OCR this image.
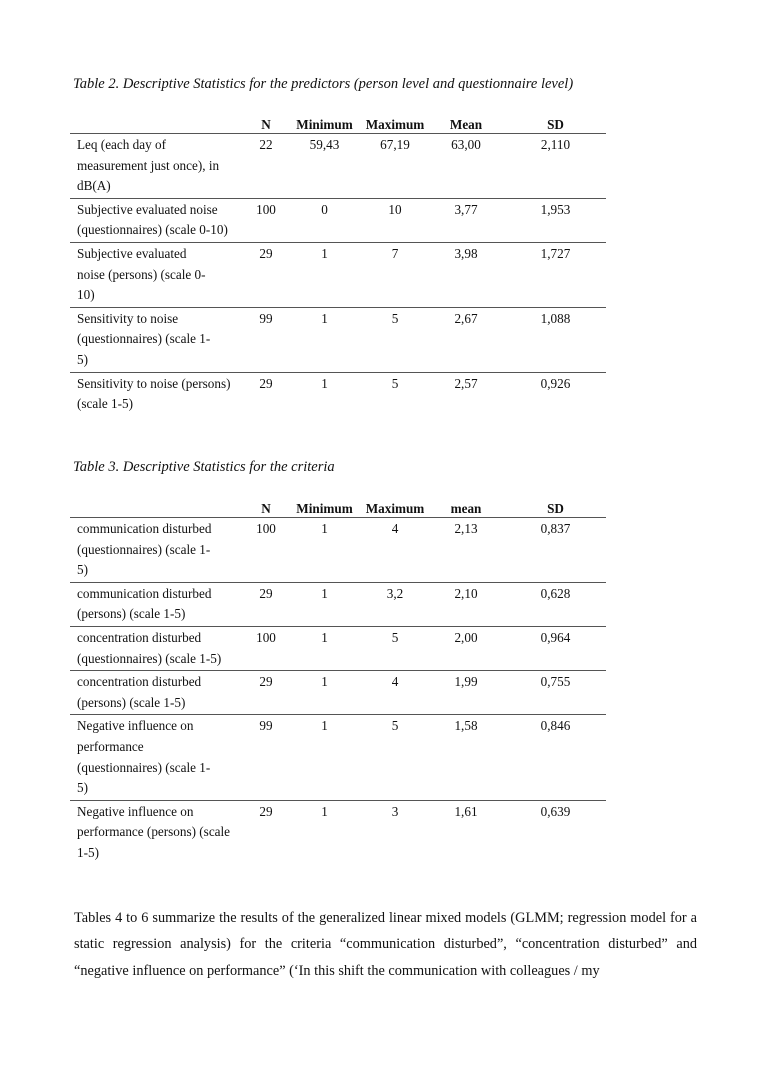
Table 2. Descriptive Statistics for the predictors (person level and questionnaire level)

	N	Minimum	Maximum	Mean	SD
Leq (each day of measurement just once), in dB(A)	22	59,43	67,19	63,00	2,110
Subjective evaluated noise (questionnaires) (scale 0-10)	100	0	10	3,77	1,953
Subjective evaluated noise (persons) (scale 0-10)	29	1	7	3,98	1,727
Sensitivity to noise (questionnaires) (scale 1-5)	99	1	5	2,67	1,088
Sensitivity to noise (persons) (scale 1-5)	29	1	5	2,57	0,926

Table 3. Descriptive Statistics for the criteria

	N	Minimum	Maximum	mean	SD
communication disturbed (questionnaires) (scale 1-5)	100	1	4	2,13	0,837
communication disturbed (persons) (scale 1-5)	29	1	3,2	2,10	0,628
concentration disturbed (questionnaires) (scale 1-5)	100	1	5	2,00	0,964
concentration disturbed (persons) (scale 1-5)	29	1	4	1,99	0,755
Negative influence on performance (questionnaires) (scale 1-5)	99	1	5	1,58	0,846
Negative influence on performance (persons) (scale 1-5)	29	1	3	1,61	0,639

Tables 4 to 6 summarize the results of the generalized linear mixed models (GLMM; regression model for a static regression analysis) for the criteria “communication disturbed”, “concentration disturbed” and “negative influence on performance” (‘In this shift the communication with colleagues / my
